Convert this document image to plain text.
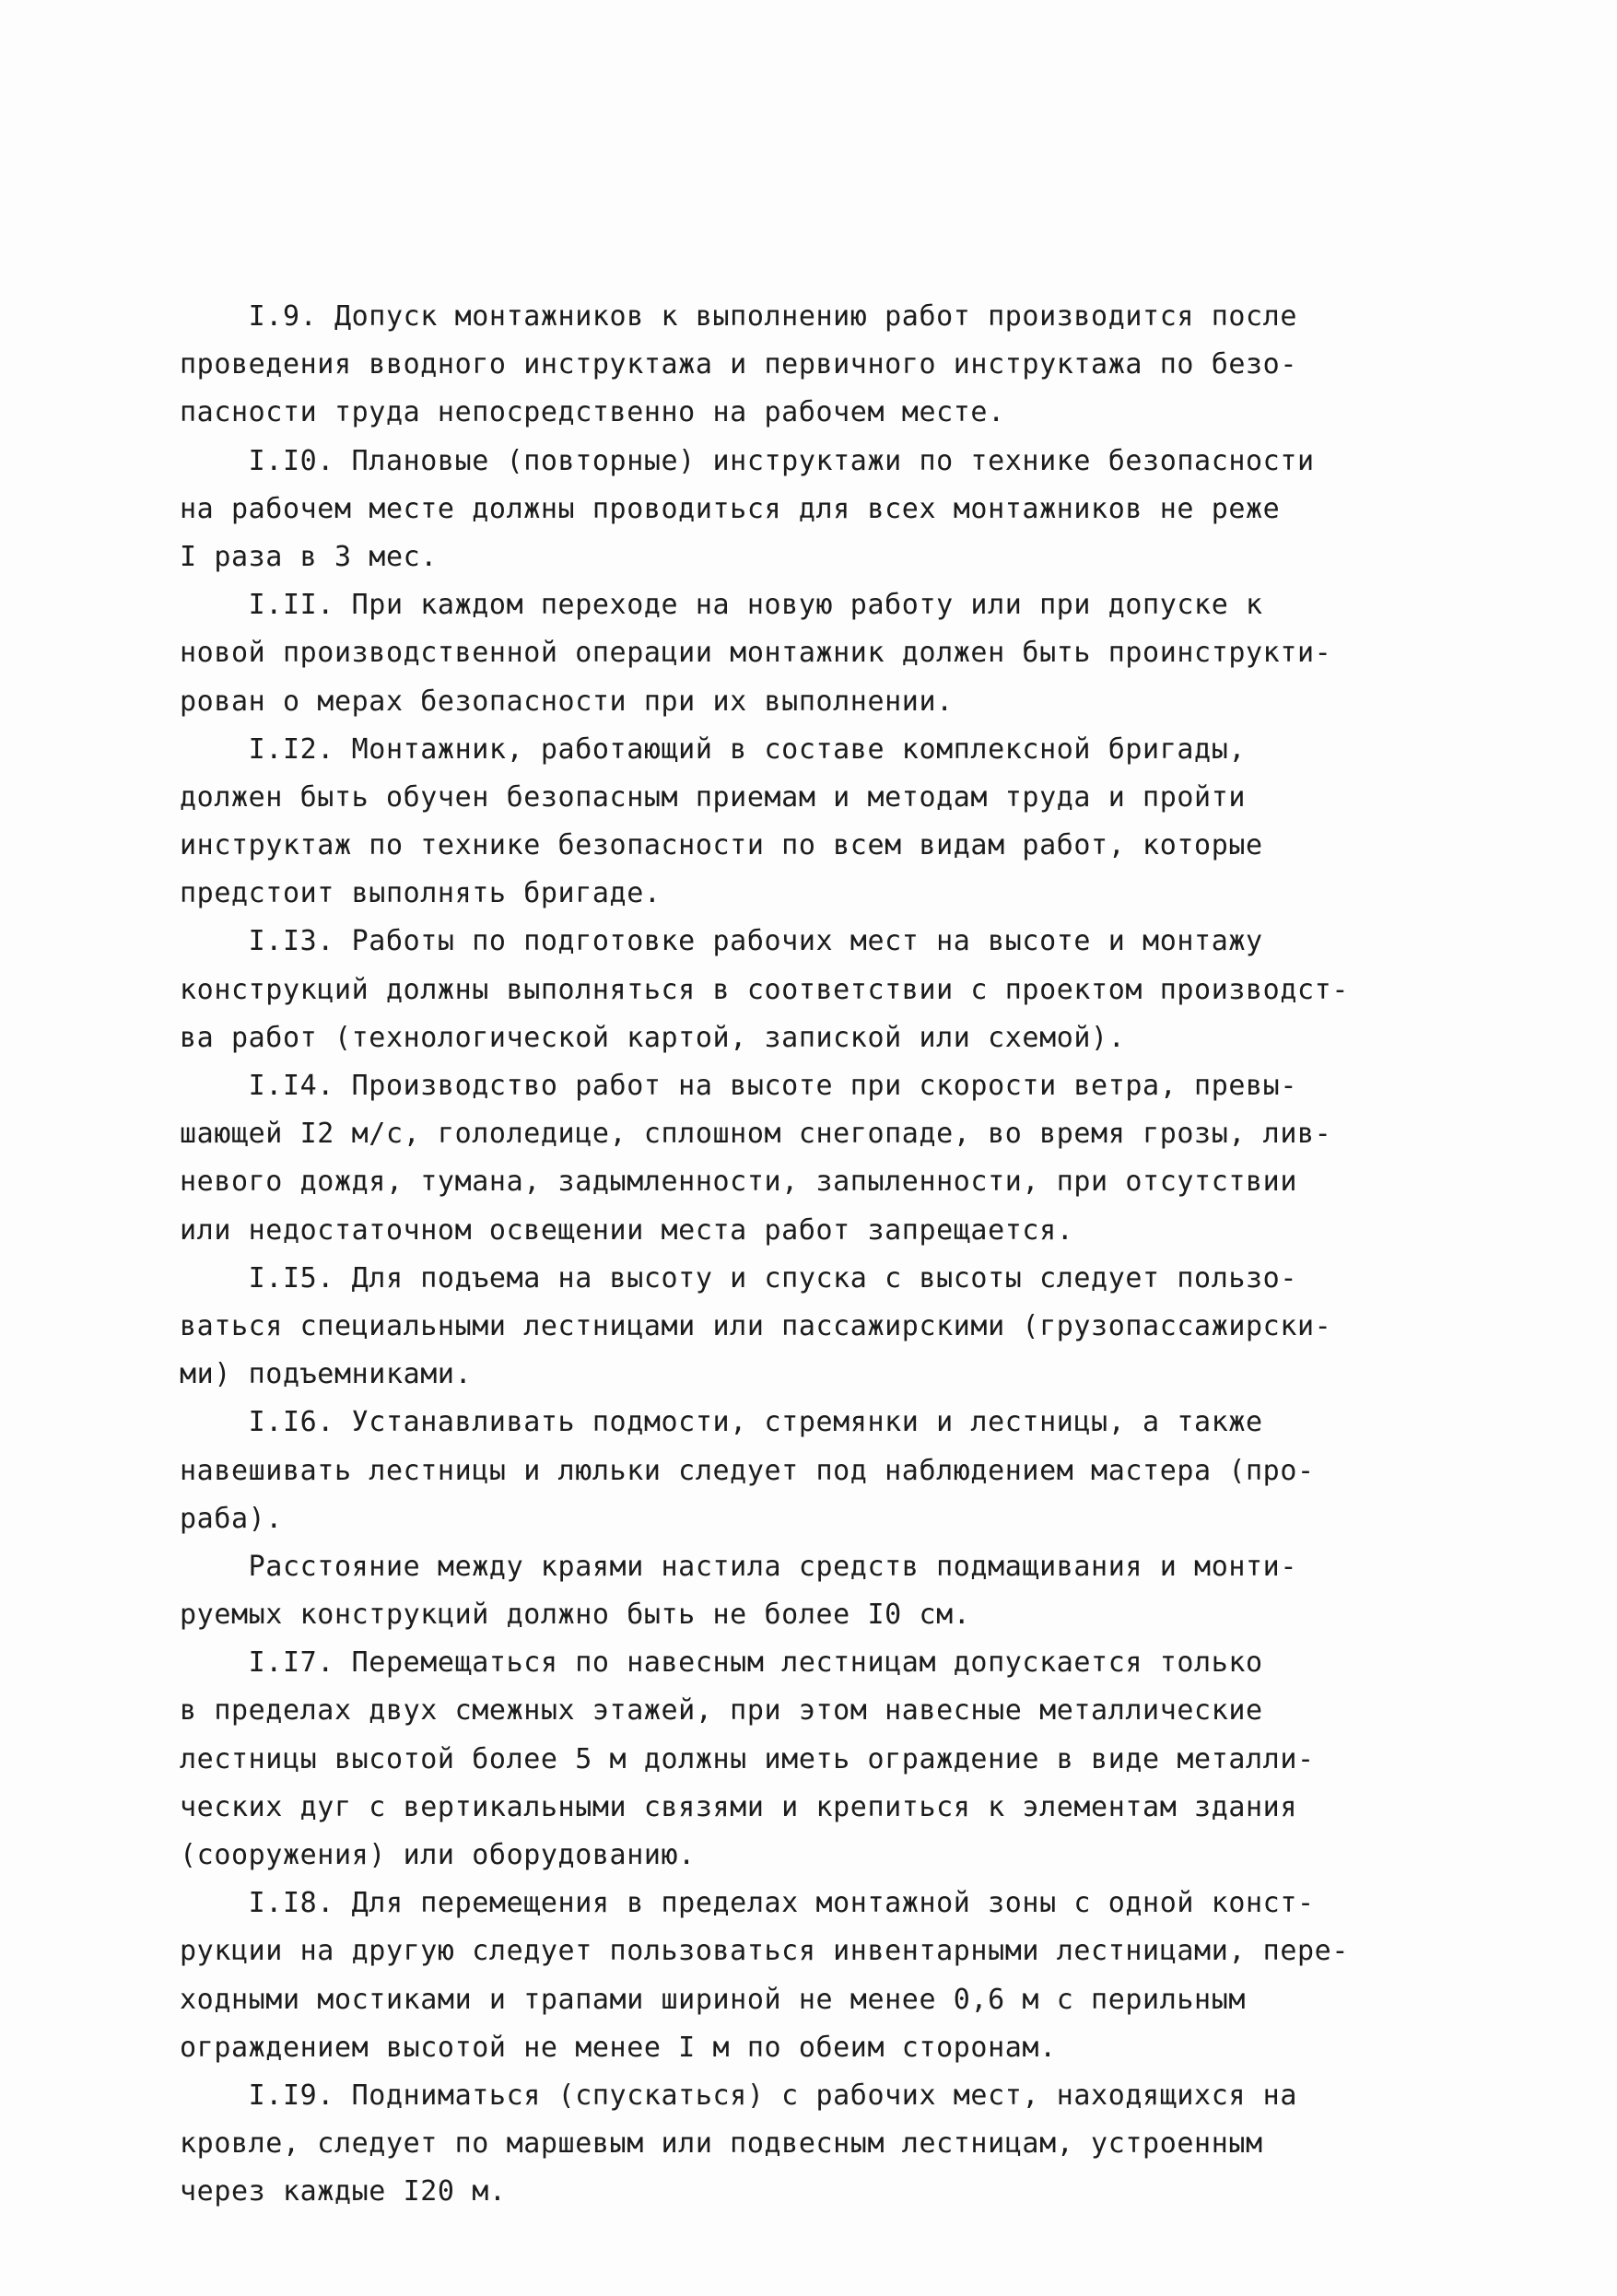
I.9. Допуск монтажников к выполнению работ производится после
проведения вводного инструктажа и первичного инструктажа по безо-
пасности труда непосредственно на рабочем месте.
I.I0. Плановые (повторные) инструктажи по технике безопасности
на рабочем месте должны проводиться для всех монтажников не реже
I раза в 3 мес.
I.II. При каждом переходе на новую работу или при допуске к
новой производственной операции монтажник должен быть проинструкти-
рован о мерах безопасности при их выполнении.
I.I2. Монтажник, работающий в составе комплексной бригады,
должен быть обучен безопасным приемам и методам труда и пройти
инструктаж по технике безопасности по всем видам работ, которые
предстоит выполнять бригаде.
I.I3. Работы по подготовке рабочих мест на высоте и монтажу
конструкций должны выполняться в соответствии с проектом производст-
ва работ (технологической картой, запиской или схемой).
I.I4. Производство работ на высоте при скорости ветра, превы-
шающей I2 м/с, гололедице, сплошном снегопаде, во время грозы, лив-
невого дождя, тумана, задымленности, запыленности, при отсутствии
или недостаточном освещении места работ запрещается.
I.I5. Для подъема на высоту и спуска с высоты следует пользо-
ваться специальными лестницами или пассажирскими (грузопассажирски-
ми) подъемниками.
I.I6. Устанавливать подмости, стремянки и лестницы, а также
навешивать лестницы и люльки следует под наблюдением мастера (про-
раба).
Расстояние между краями настила средств подмащивания и монти-
руемых конструкций должно быть не более I0 см.
I.I7. Перемещаться по навесным лестницам допускается только
в пределах двух смежных этажей, при этом навесные металлические
лестницы высотой более 5 м должны иметь ограждение в виде металли-
ческих дуг с вертикальными связями и крепиться к элементам здания
(сооружения) или оборудованию.
I.I8. Для перемещения в пределах монтажной зоны с одной конст-
рукции на другую следует пользоваться инвентарными лестницами, пере-
ходными мостиками и трапами шириной не менее 0,6 м с перильным
ограждением высотой не менее I м по обеим сторонам.
I.I9. Подниматься (спускаться) с рабочих мест, находящихся на
кровле, следует по маршевым или подвесным лестницам, устроенным
через каждые I20 м.
